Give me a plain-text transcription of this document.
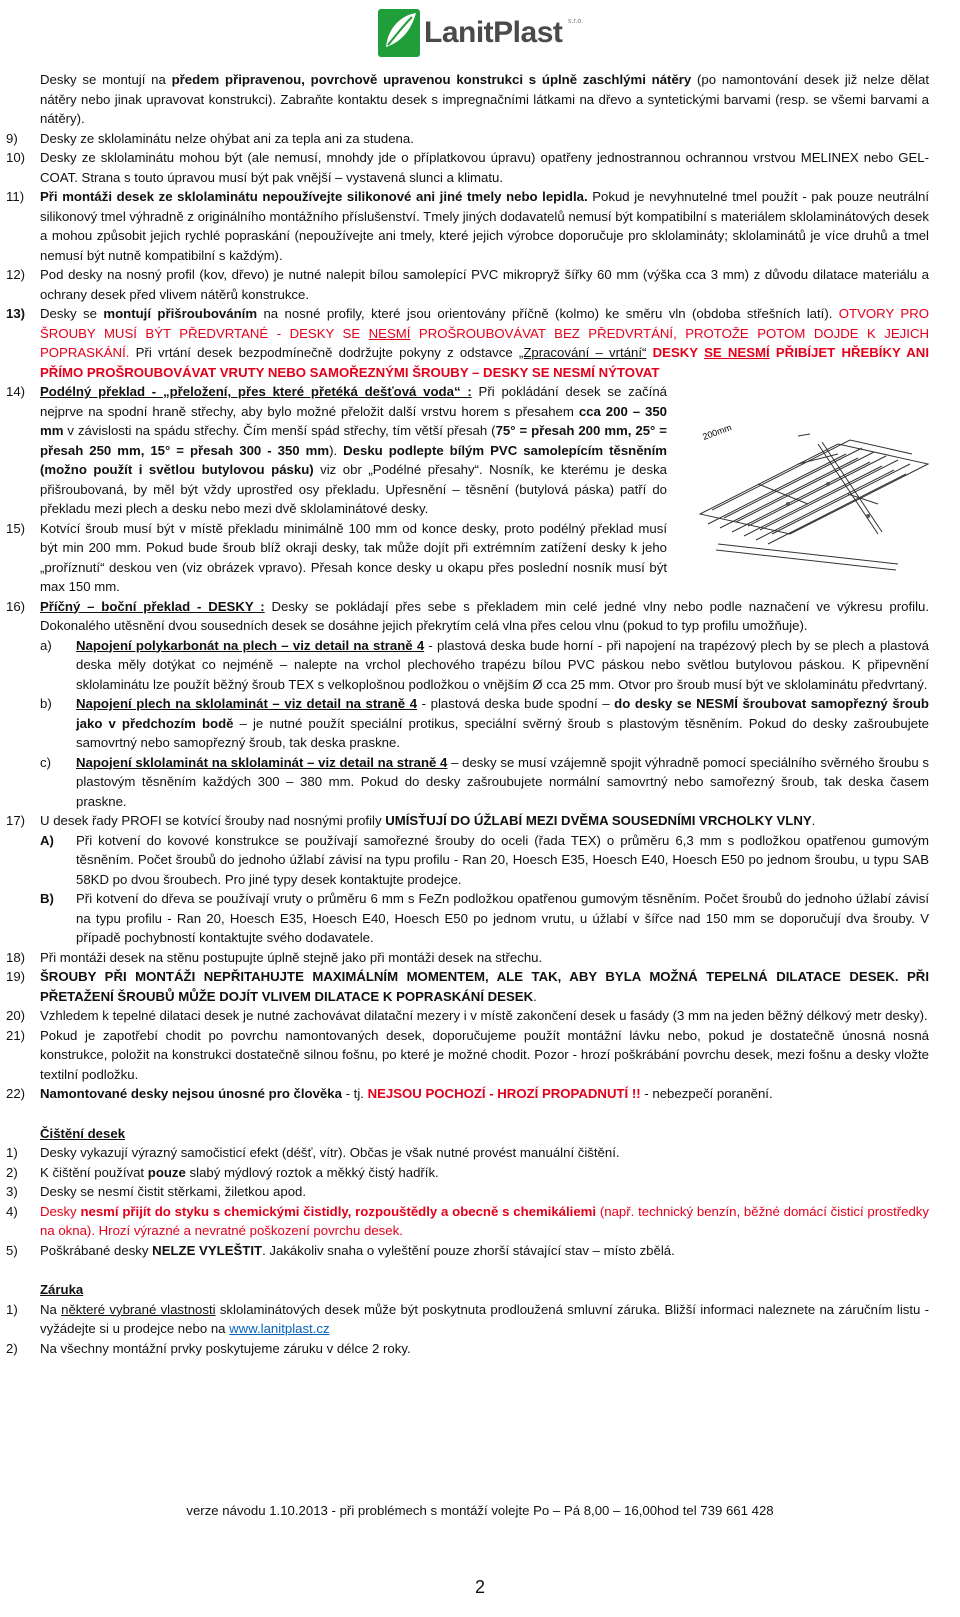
LanitPlast s.r.o.
Desky se montují na předem připravenou, povrchově upravenou konstrukci s úplně zaschlými nátěry (po namontování desek již nelze dělat nátěry nebo jinak upravovat konstrukci). Zabraňte kontaktu desek s impregnačními látkami na dřevo a syntetickými barvami (resp. se všemi barvami a nátěry).
9) Desky ze sklolaminátu nelze ohýbat ani za tepla ani za studena.
10) Desky ze sklolaminátu mohou být (ale nemusí, mnohdy jde o příplatkovou úpravu) opatřeny jednostrannou ochrannou vrstvou MELINEX nebo GEL-COAT. Strana s touto úpravou musí být pak vnější – vystavená slunci a klimatu.
11) Při montáži desek ze sklolaminátu nepoužívejte silikonové ani jiné tmely nebo lepidla. Pokud je nevyhnutelné tmel použít - pak pouze neutrální silikonový tmel výhradně z originálního montážního příslušenství. Tmely jiných dodavatelů nemusí být kompatibilní s materiálem sklolaminátových desek a mohou způsobit jejich rychlé popraskání (nepoužívejte ani tmely, které jejich výrobce doporučuje pro sklolamináty; sklolaminátů je více druhů a tmel nemusí být nutně kompatibilní s každým).
12) Pod desky na nosný profil (kov, dřevo) je nutné nalepit bílou samolepící PVC mikropryž šířky 60 mm (výška cca 3 mm) z důvodu dilatace materiálu a ochrany desek před vlivem nátěrů konstrukce.
13) Desky se montují přišroubováním na nosné profily, které jsou orientovány příčně (kolmo) ke směru vln (obdoba střešních latí). OTVORY PRO ŠROUBY MUSÍ BÝT PŘEDVRTANÉ - DESKY SE NESMÍ PROŠROUBOVÁVAT BEZ PŘEDVRTÁNÍ, PROTOŽE POTOM DOJDE K JEJICH POPRASKÁNÍ. Při vrtání desek bezpodmínečně dodržujte pokyny z odstavce „Zpracování – vrtání“ DESKY SE NESMÍ PŘIBÍJET HŘEBÍKY ANI PŘÍMO PROŠROUBOVÁVAT VRUTY NEBO SAMOŘEZNÝMI ŠROUBY – DESKY SE NESMÍ NÝTOVAT
14) Podélný překlad - „přeložení, přes které přetéká dešťová voda“ : Při pokládání desek se začíná nejprve na spodní hraně střechy, aby bylo možné přeložit další vrstvu horem s přesahem cca 200 – 350 mm v závislosti na spádu střechy. Čím menší spád střechy, tím větší přesah (75° = přesah 200 mm, 25° = přesah 250 mm, 15° = přesah 300 - 350 mm). Desku podlepte bílým PVC samolepícím těsněním (možno použít i světlou butylovou pásku) viz obr „Podélné přesahy“. Nosník, ke kterému je deska přišroubovaná, by měl být vždy uprostřed osy překladu. Upřesnění – těsnění (butylová páska) patří do překladu mezi plech a desku nebo mezi dvě sklolaminátové desky.
15) Kotvící šroub musí být v místě překladu minimálně 100 mm od konce desky, proto podélný překlad musí být min 200 mm. Pokud bude šroub blíž okraji desky, tak může dojít při extrémním zatížení desky k jeho „proříznutí“ deskou ven (viz obrázek vpravo). Přesah konce desky u okapu přes poslední nosník musí být max 150 mm.
16) Příčný – boční překlad - DESKY : Desky se pokládají přes sebe s překladem min celé jedné vlny nebo podle naznačení ve výkresu profilu. Dokonalého utěsnění dvou sousedních desek se dosáhne jejich překrytím celá vlna přes celou vlnu (pokud to typ profilu umožňuje).
a) Napojení polykarbonát na plech – viz detail na straně 4 - plastová deska bude horní - při napojení na trapézový plech by se plech a plastová deska měly dotýkat co nejméně – nalepte na vrchol plechového trapézu bílou PVC páskou nebo světlou butylovou páskou. K připevnění sklolaminátu lze použít běžný šroub TEX s velkoplošnou podložkou o vnějším Ø cca 25 mm. Otvor pro šroub musí být ve sklolaminátu předvrtaný.
b) Napojení plech na sklolaminát – viz detail na straně 4 - plastová deska bude spodní – do desky se NESMÍ šroubovat samopřezný šroub jako v předchozím bodě – je nutné použít speciální protikus, speciální svěrný šroub s plastovým těsněním. Pokud do desky zašroubujete samovrtný nebo samopřezný šroub, tak deska praskne.
c) Napojení sklolaminát na sklolaminát – viz detail na straně 4 – desky se musí vzájemně spojit výhradně pomocí speciálního svěrného šroubu s plastovým těsněním každých 300 – 380 mm. Pokud do desky zašroubujete normální samovrtný nebo samořezný šroub, tak deska časem praskne.
17) U desek řady PROFI se kotvící šrouby nad nosnými profily UMÍSŤUJÍ DO ÚŽLABÍ MEZI DVĚMA SOUSEDNÍMI VRCHOLKY VLNY.
A) Při kotvení do kovové konstrukce se používají samořezné šrouby do oceli (řada TEX) o průměru 6,3 mm s podložkou opatřenou gumovým těsněním. Počet šroubů do jednoho úžlabí závisí na typu profilu - Ran 20, Hoesch E35, Hoesch E40, Hoesch E50 po jednom šroubu, u typu SAB 58KD po dvou šroubech. Pro jiné typy desek kontaktujte prodejce.
B) Při kotvení do dřeva se používají vruty o průměru 6 mm s FeZn podložkou opatřenou gumovým těsněním. Počet šroubů do jednoho úžlabí závisí na typu profilu - Ran 20, Hoesch E35, Hoesch E40, Hoesch E50 po jednom vrutu, u úžlabí v šířce nad 150 mm se doporučují dva šrouby. V případě pochybností kontaktujte svého dodavatele.
18) Při montáži desek na stěnu postupujte úplně stejně jako při montáži desek na střechu.
19) ŠROUBY PŘI MONTÁŽI NEPŘITAHUJTE MAXIMÁLNÍM MOMENTEM, ALE TAK, ABY BYLA MOŽNÁ TEPELNÁ DILATACE DESEK. PŘI PŘETAŽENÍ ŠROUBŮ MŮŽE DOJÍT VLIVEM DILATACE K POPRASKÁNÍ DESEK.
20) Vzhledem k tepelné dilataci desek je nutné zachovávat dilatační mezery i v místě zakončení desek u fasády (3 mm na jeden běžný délkový metr desky).
21) Pokud je zapotřebí chodit po povrchu namontovaných desek, doporučujeme použít montážní lávku nebo, pokud je dostatečně únosná nosná konstrukce, položit na konstrukci dostatečně silnou fošnu, po které je možné chodit. Pozor - hrozí poškrábání povrchu desek, mezi fošnu a desky vložte textilní podložku.
22) Namontované desky nejsou únosné pro člověka - tj. NEJSOU POCHOZÍ - HROZÍ PROPADNUTÍ !! - nebezpečí poranění.
Čištění desek
1) Desky vykazují výrazný samočisticí efekt (déšť, vítr). Občas je však nutné provést manuální čištění.
2) K čištění používat pouze slabý mýdlový roztok a měkký čistý hadřík.
3) Desky se nesmí čistit stěrkami, žiletkou apod.
4) Desky nesmí přijít do styku s chemickými čistidly, rozpouštědly a obecně s chemikáliemi (např. technický benzín, běžné domácí čisticí prostředky na okna). Hrozí výrazné a nevratné poškození povrchu desek.
5) Poškrábané desky NELZE VYLEŠTIT. Jakákoliv snaha o vyleštění pouze zhorší stávající stav – místo zbělá.
Záruka
1) Na některé vybrané vlastnosti sklolaminátových desek může být poskytnuta prodloužená smluvní záruka. Bližší informaci naleznete na záručním listu - vyžádejte si u prodejce nebo na www.lanitplast.cz
2) Na všechny montážní prvky poskytujeme záruku v délce 2 roky.
200mm
verze návodu 1.10.2013 - při problémech s montáží volejte Po – Pá 8,00 – 16,00hod tel 739 661 428
2
